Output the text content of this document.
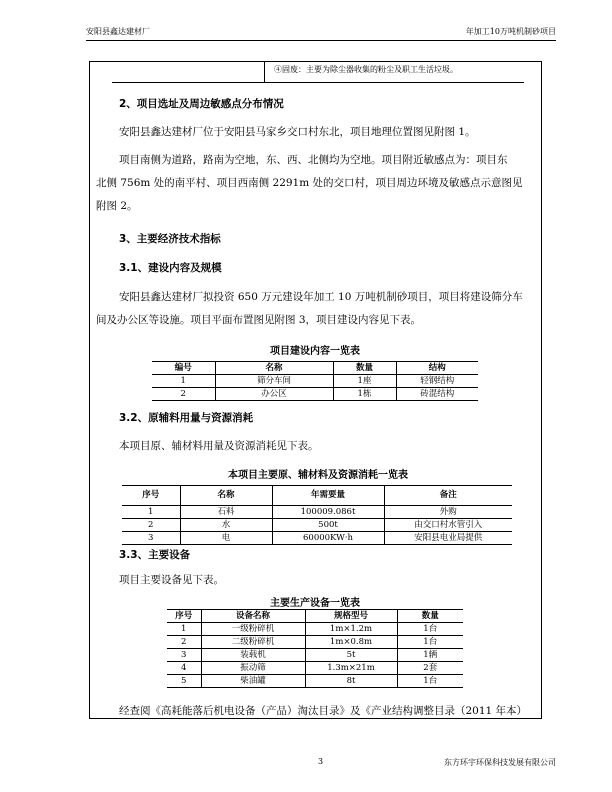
安阳县鑫达建材厂	年加工10万吨机制砂项目
④固废：主要为除尘器收集的粉尘及职工生活垃圾。
2、项目选址及周边敏感点分布情况
安阳县鑫达建材厂位于安阳县马家乡交口村东北，项目地理位置图见附图 1。
项目南侧为道路，路南为空地，东、西、北侧均为空地。项目附近敏感点为：项目东
北侧 756m 处的南平村、项目西南侧 2291m 处的交口村，项目周边环境及敏感点示意图见
附图 2。
3、主要经济技术指标
3.1、建设内容及规模
安阳县鑫达建材厂拟投资 650 万元建设年加工 10 万吨机制砂项目，项目将建设筛分车
间及办公区等设施。项目平面布置图见附图 3，项目建设内容见下表。
项目建设内容一览表
编号	名称	数量	结构
1	筛分车间	1座	轻钢结构
2	办公区	1栋	砖混结构
3.2、原辅料用量与资源消耗
本项目原、辅材料用量及资源消耗见下表。
本项目主要原、辅材料及资源消耗一览表
序号	名称	年需要量	备注
1	石料	100009.086t	外购
2	水	500t	由交口村水管引入
3	电	60000KW·h	安阳县电业局提供
3.3、主要设备
项目主要设备见下表。
主要生产设备一览表
序号	设备名称	规格型号	数量
1	一级粉碎机	1m×1.2m	1台
2	二级粉碎机	1m×0.8m	1台
3	装载机	5t	1辆
4	振动筛	1.3m×21m	2套
5	柴油罐	8t	1台
经查阅《高耗能落后机电设备（产品）淘汰目录》及《产业结构调整目录（2011 年本）
3	东方环宇环保科技发展有限公司
